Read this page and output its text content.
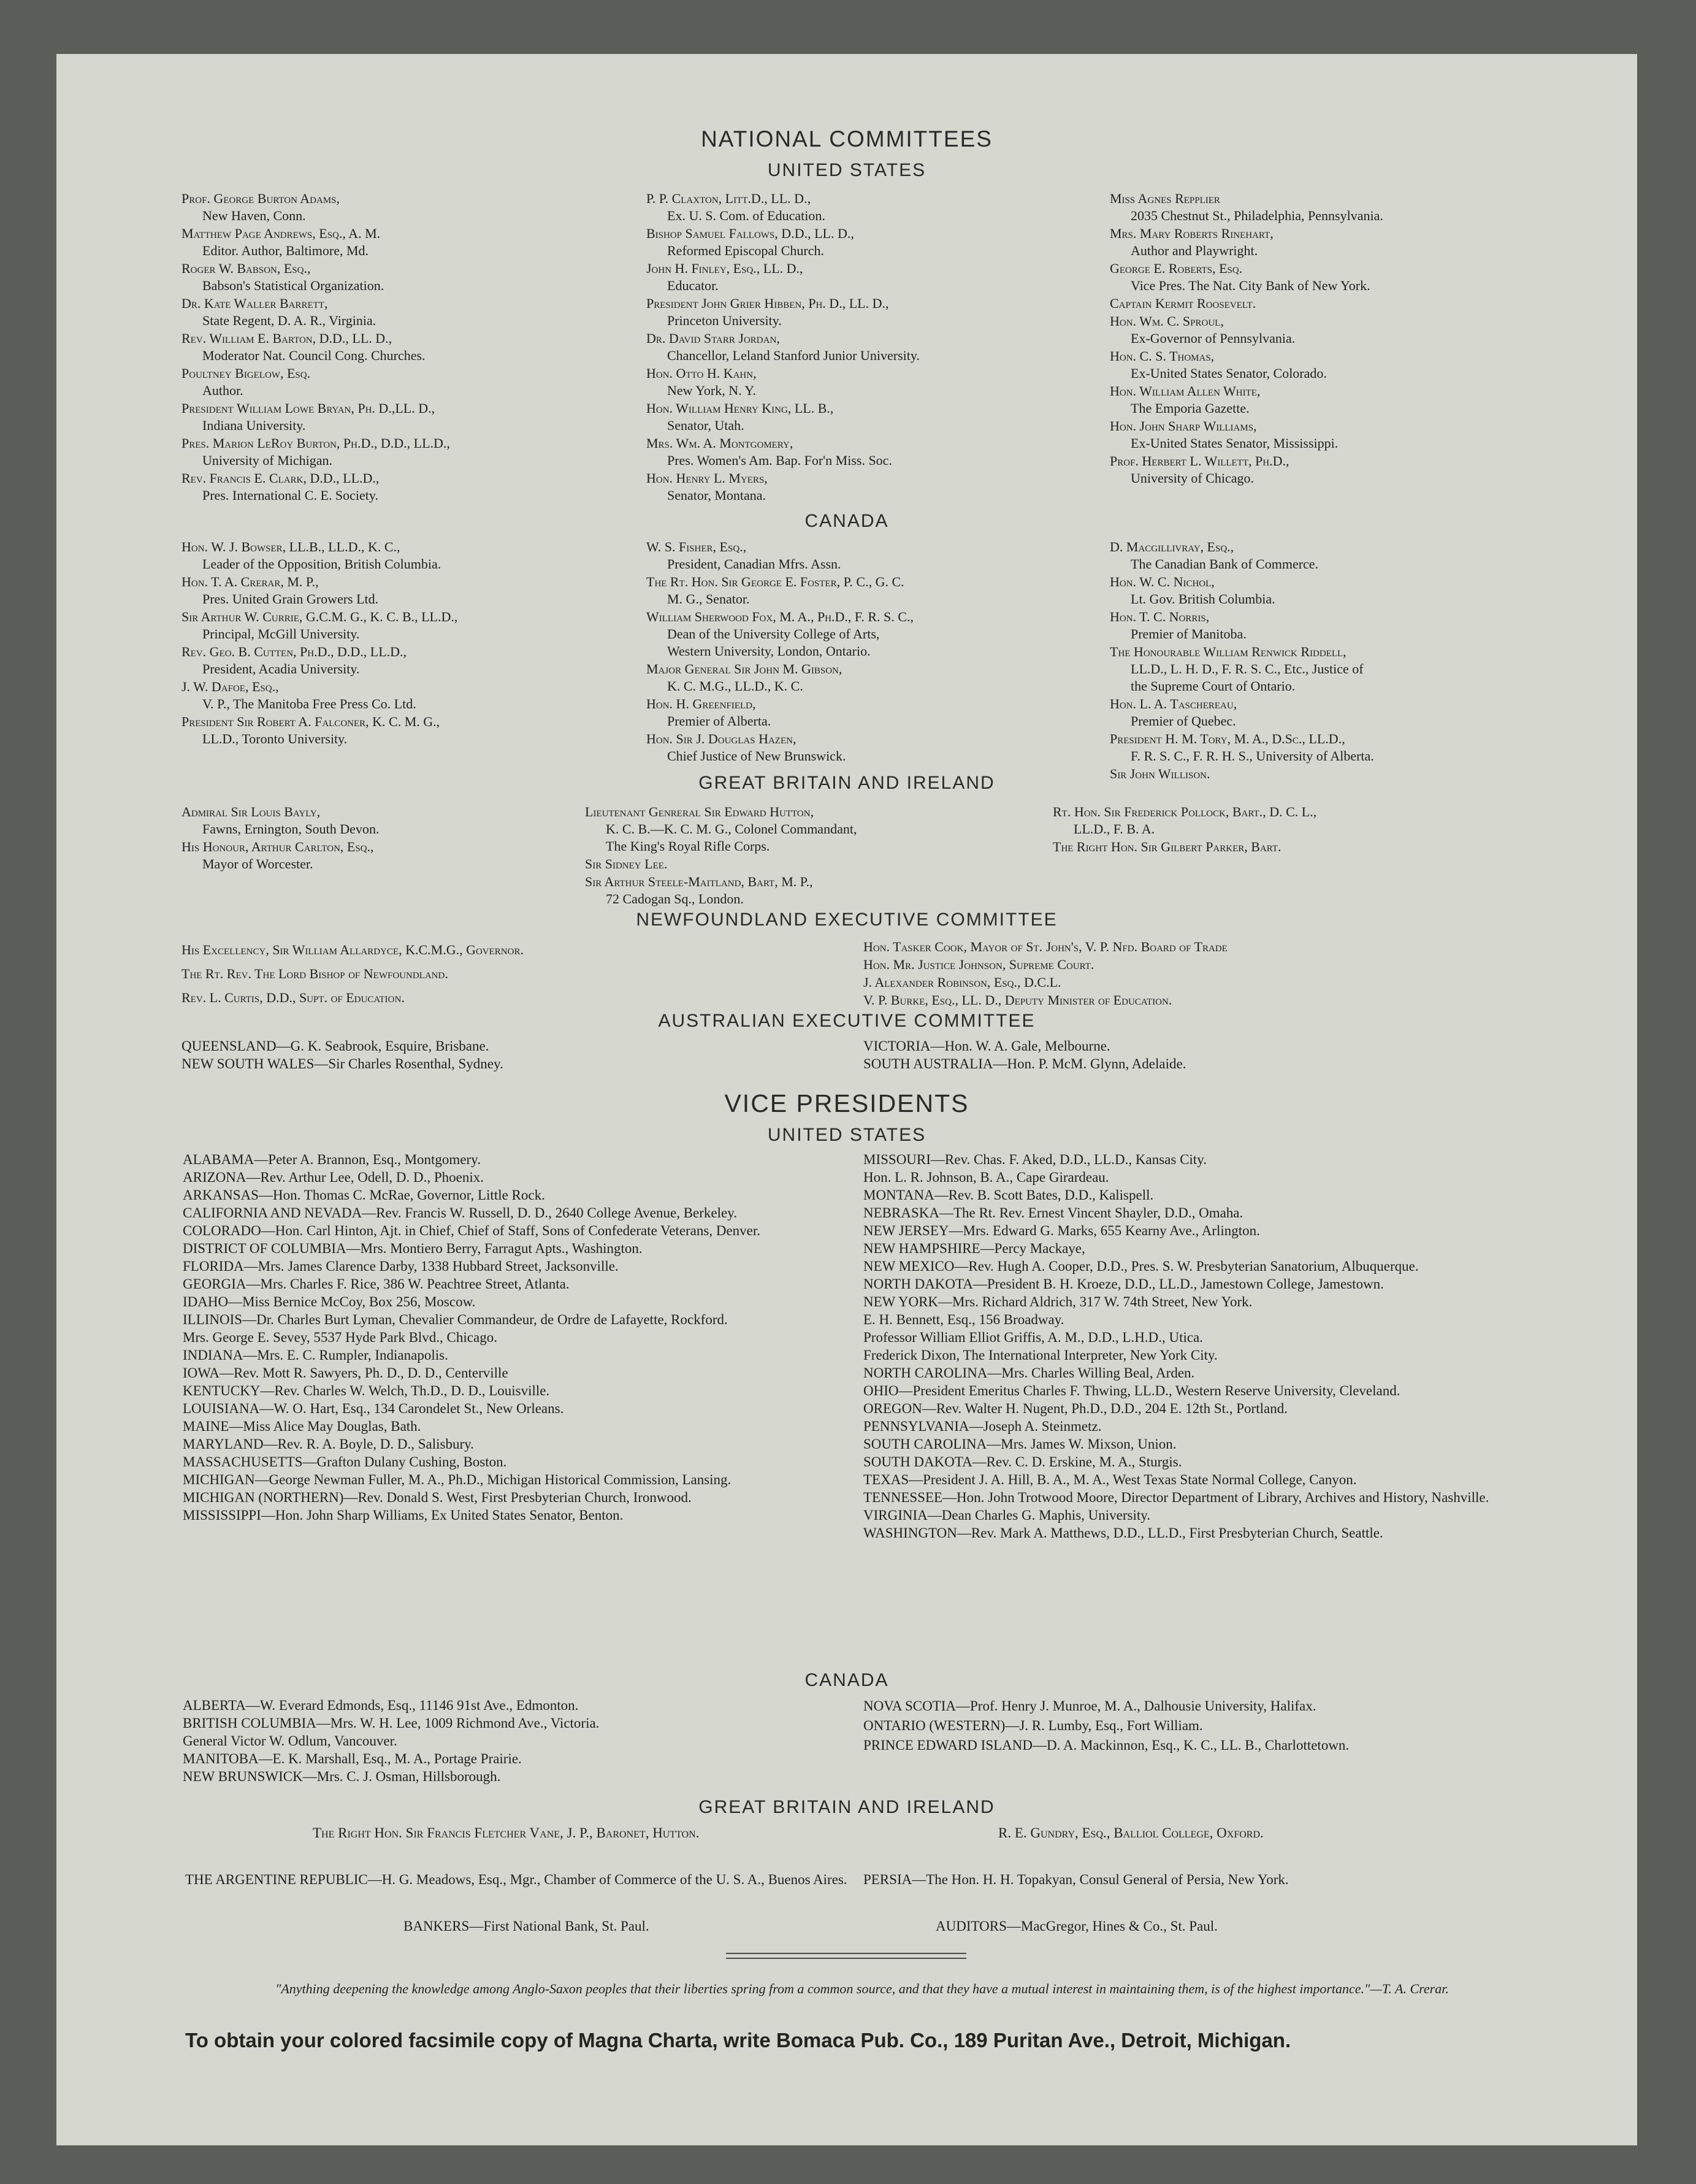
NATIONAL COMMITTEES
UNITED STATES
Prof. George Burton Adams,
New Haven, Conn.
Matthew Page Andrews, Esq., A. M.
Editor. Author, Baltimore, Md.
Roger W. Babson, Esq.,
Babson's Statistical Organization.
Dr. Kate Waller Barrett,
State Regent, D. A. R., Virginia.
Rev. William E. Barton, D.D., LL. D.,
Moderator Nat. Council Cong. Churches.
Poultney Bigelow, Esq.
Author.
President William Lowe Bryan, Ph. D.,LL. D.,
Indiana University.
Pres. Marion LeRoy Burton, Ph.D., D.D., LL.D.,
University of Michigan.
Rev. Francis E. Clark, D.D., LL.D.,
Pres. International C. E. Society.
P. P. Claxton, Litt.D., LL. D.,
Ex. U. S. Com. of Education.
Bishop Samuel Fallows, D.D., LL. D.,
Reformed Episcopal Church.
John H. Finley, Esq., LL. D.,
Educator.
President John Grier Hibben, Ph. D., LL. D.,
Princeton University.
Dr. David Starr Jordan,
Chancellor, Leland Stanford Junior University.
Hon. Otto H. Kahn,
New York, N. Y.
Hon. William Henry King, LL. B.,
Senator, Utah.
Mrs. Wm. A. Montgomery,
Pres. Women's Am. Bap. For'n Miss. Soc.
Hon. Henry L. Myers,
Senator, Montana.
Miss Agnes Repplier
2035 Chestnut St., Philadelphia, Pennsylvania.
Mrs. Mary Roberts Rinehart,
Author and Playwright.
George E. Roberts, Esq.
Vice Pres. The Nat. City Bank of New York.
Captain Kermit Roosevelt.
Hon. Wm. C. Sproul,
Ex-Governor of Pennsylvania.
Hon. C. S. Thomas,
Ex-United States Senator, Colorado.
Hon. William Allen White,
The Emporia Gazette.
Hon. John Sharp Williams,
Ex-United States Senator, Mississippi.
Prof. Herbert L. Willett, Ph.D.,
University of Chicago.
CANADA
Hon. W. J. Bowser, LL.B., LL.D., K. C.,
Leader of the Opposition, British Columbia.
Hon. T. A. Crerar, M. P.,
Pres. United Grain Growers Ltd.
Sir Arthur W. Currie, G.C.M. G., K. C. B., LL.D.,
Principal, McGill University.
Rev. Geo. B. Cutten, Ph.D., D.D., LL.D.,
President, Acadia University.
J. W. Dafoe, Esq.,
V. P., The Manitoba Free Press Co. Ltd.
President Sir Robert A. Falconer, K. C. M. G.,
LL.D., Toronto University.
W. S. Fisher, Esq.,
President, Canadian Mfrs. Assn.
The Rt. Hon. Sir George E. Foster, P. C., G. C.
M. G., Senator.
William Sherwood Fox, M. A., Ph.D., F. R. S. C.,
Dean of the University College of Arts,
Western University, London, Ontario.
Major General Sir John M. Gibson,
K. C. M.G., LL.D., K. C.
Hon. H. Greenfield,
Premier of Alberta.
Hon. Sir J. Douglas Hazen,
Chief Justice of New Brunswick.
D. Macgillivray, Esq.,
The Canadian Bank of Commerce.
Hon. W. C. Nichol,
Lt. Gov. British Columbia.
Hon. T. C. Norris,
Premier of Manitoba.
The Honourable William Renwick Riddell,
LL.D., L. H. D., F. R. S. C., Etc., Justice of
the Supreme Court of Ontario.
Hon. L. A. Taschereau,
Premier of Quebec.
President H. M. Tory, M. A., D.Sc., LL.D.,
F. R. S. C., F. R. H. S., University of Alberta.
Sir John Willison.
GREAT BRITAIN AND IRELAND
Admiral Sir Louis Bayly,
Fawns, Ernington, South Devon.
His Honour, Arthur Carlton, Esq.,
Mayor of Worcester.
Lieutenant Genreral Sir Edward Hutton,
K. C. B.—K. C. M. G., Colonel Commandant,
The King's Royal Rifle Corps.
Sir Sidney Lee.
Sir Arthur Steele-Maitland, Bart, M. P.,
72 Cadogan Sq., London.
Rt. Hon. Sir Frederick Pollock, Bart., D. C. L.,
LL.D., F. B. A.
The Right Hon. Sir Gilbert Parker, Bart.
NEWFOUNDLAND EXECUTIVE COMMITTEE
His Excellency, Sir William Allardyce, K.C.M.G., Governor.
The Rt. Rev. The Lord Bishop of Newfoundland.
Rev. L. Curtis, D.D., Supt. of Education.
Hon. Tasker Cook, Mayor of St. John's, V. P. Nfd. Board of Trade
Hon. Mr. Justice Johnson, Supreme Court.
J. Alexander Robinson, Esq., D.C.L.
V. P. Burke, Esq., LL. D., Deputy Minister of Education.
AUSTRALIAN EXECUTIVE COMMITTEE
QUEENSLAND—G. K. Seabrook, Esquire, Brisbane.
NEW SOUTH WALES—Sir Charles Rosenthal, Sydney.
VICTORIA—Hon. W. A. Gale, Melbourne.
SOUTH AUSTRALIA—Hon. P. McM. Glynn, Adelaide.
VICE PRESIDENTS
UNITED STATES
ALABAMA—Peter A. Brannon, Esq., Montgomery.
ARIZONA—Rev. Arthur Lee, Odell, D. D., Phoenix.
ARKANSAS—Hon. Thomas C. McRae, Governor, Little Rock.
CALIFORNIA AND NEVADA—Rev. Francis W. Russell, D. D., 2640 College Avenue, Berkeley.
COLORADO—Hon. Carl Hinton, Ajt. in Chief, Chief of Staff, Sons of Confederate Veterans, Denver.
DISTRICT OF COLUMBIA—Mrs. Montiero Berry, Farragut Apts., Washington.
FLORIDA—Mrs. James Clarence Darby, 1338 Hubbard Street, Jacksonville.
GEORGIA—Mrs. Charles F. Rice, 386 W. Peachtree Street, Atlanta.
IDAHO—Miss Bernice McCoy, Box 256, Moscow.
ILLINOIS—Dr. Charles Burt Lyman, Chevalier Commandeur, de Ordre de Lafayette, Rockford.
Mrs. George E. Sevey, 5537 Hyde Park Blvd., Chicago.
INDIANA—Mrs. E. C. Rumpler, Indianapolis.
IOWA—Rev. Mott R. Sawyers, Ph. D., D. D., Centerville
KENTUCKY—Rev. Charles W. Welch, Th.D., D. D., Louisville.
LOUISIANA—W. O. Hart, Esq., 134 Carondelet St., New Orleans.
MAINE—Miss Alice May Douglas, Bath.
MARYLAND—Rev. R. A. Boyle, D. D., Salisbury.
MASSACHUSETTS—Grafton Dulany Cushing, Boston.
MICHIGAN—George Newman Fuller, M. A., Ph.D., Michigan Historical Commission, Lansing.
MICHIGAN (NORTHERN)—Rev. Donald S. West, First Presbyterian Church, Ironwood.
MISSISSIPPI—Hon. John Sharp Williams, Ex United States Senator, Benton.
MISSOURI—Rev. Chas. F. Aked, D.D., LL.D., Kansas City.
Hon. L. R. Johnson, B. A., Cape Girardeau.
MONTANA—Rev. B. Scott Bates, D.D., Kalispell.
NEBRASKA—The Rt. Rev. Ernest Vincent Shayler, D.D., Omaha.
NEW JERSEY—Mrs. Edward G. Marks, 655 Kearny Ave., Arlington.
NEW HAMPSHIRE—Percy Mackaye,
NEW MEXICO—Rev. Hugh A. Cooper, D.D., Pres. S. W. Presbyterian Sanatorium, Albuquerque.
NORTH DAKOTA—President B. H. Kroeze, D.D., LL.D., Jamestown College, Jamestown.
NEW YORK—Mrs. Richard Aldrich, 317 W. 74th Street, New York.
E. H. Bennett, Esq., 156 Broadway.
Professor William Elliot Griffis, A. M., D.D., L.H.D., Utica.
Frederick Dixon, The International Interpreter, New York City.
NORTH CAROLINA—Mrs. Charles Willing Beal, Arden.
OHIO—President Emeritus Charles F. Thwing, LL.D., Western Reserve University, Cleveland.
OREGON—Rev. Walter H. Nugent, Ph.D., D.D., 204 E. 12th St., Portland.
PENNSYLVANIA—Joseph A. Steinmetz.
SOUTH CAROLINA—Mrs. James W. Mixson, Union.
SOUTH DAKOTA—Rev. C. D. Erskine, M. A., Sturgis.
TEXAS—President J. A. Hill, B. A., M. A., West Texas State Normal College, Canyon.
TENNESSEE—Hon. John Trotwood Moore, Director Department of Library, Archives and History, Nashville.
VIRGINIA—Dean Charles G. Maphis, University.
WASHINGTON—Rev. Mark A. Matthews, D.D., LL.D., First Presbyterian Church, Seattle.
CANADA
ALBERTA—W. Everard Edmonds, Esq., 11146 91st Ave., Edmonton.
BRITISH COLUMBIA—Mrs. W. H. Lee, 1009 Richmond Ave., Victoria.
General Victor W. Odlum, Vancouver.
MANITOBA—E. K. Marshall, Esq., M. A., Portage Prairie.
NEW BRUNSWICK—Mrs. C. J. Osman, Hillsborough.
NOVA SCOTIA—Prof. Henry J. Munroe, M. A., Dalhousie University, Halifax.
ONTARIO (WESTERN)—J. R. Lumby, Esq., Fort William.
PRINCE EDWARD ISLAND—D. A. Mackinnon, Esq., K. C., LL. B., Charlottetown.
GREAT BRITAIN AND IRELAND
The Right Hon. Sir Francis Fletcher Vane, J. P., Baronet, Hutton.	R. E. Gundry, Esq., Balliol College, Oxford.
THE ARGENTINE REPUBLIC—H. G. Meadows, Esq., Mgr., Chamber of Commerce of the U. S. A., Buenos Aires.	PERSIA—The Hon. H. H. Topakyan, Consul General of Persia, New York.
BANKERS—First National Bank, St. Paul.	AUDITORS—MacGregor, Hines & Co., St. Paul.
"Anything deepening the knowledge among Anglo-Saxon peoples that their liberties spring from a common source, and that they have a mutual interest in maintaining them, is of the highest importance."—T. A. Crerar.
To obtain your colored facsimile copy of Magna Charta, write Bomaca Pub. Co., 189 Puritan Ave., Detroit, Michigan.
